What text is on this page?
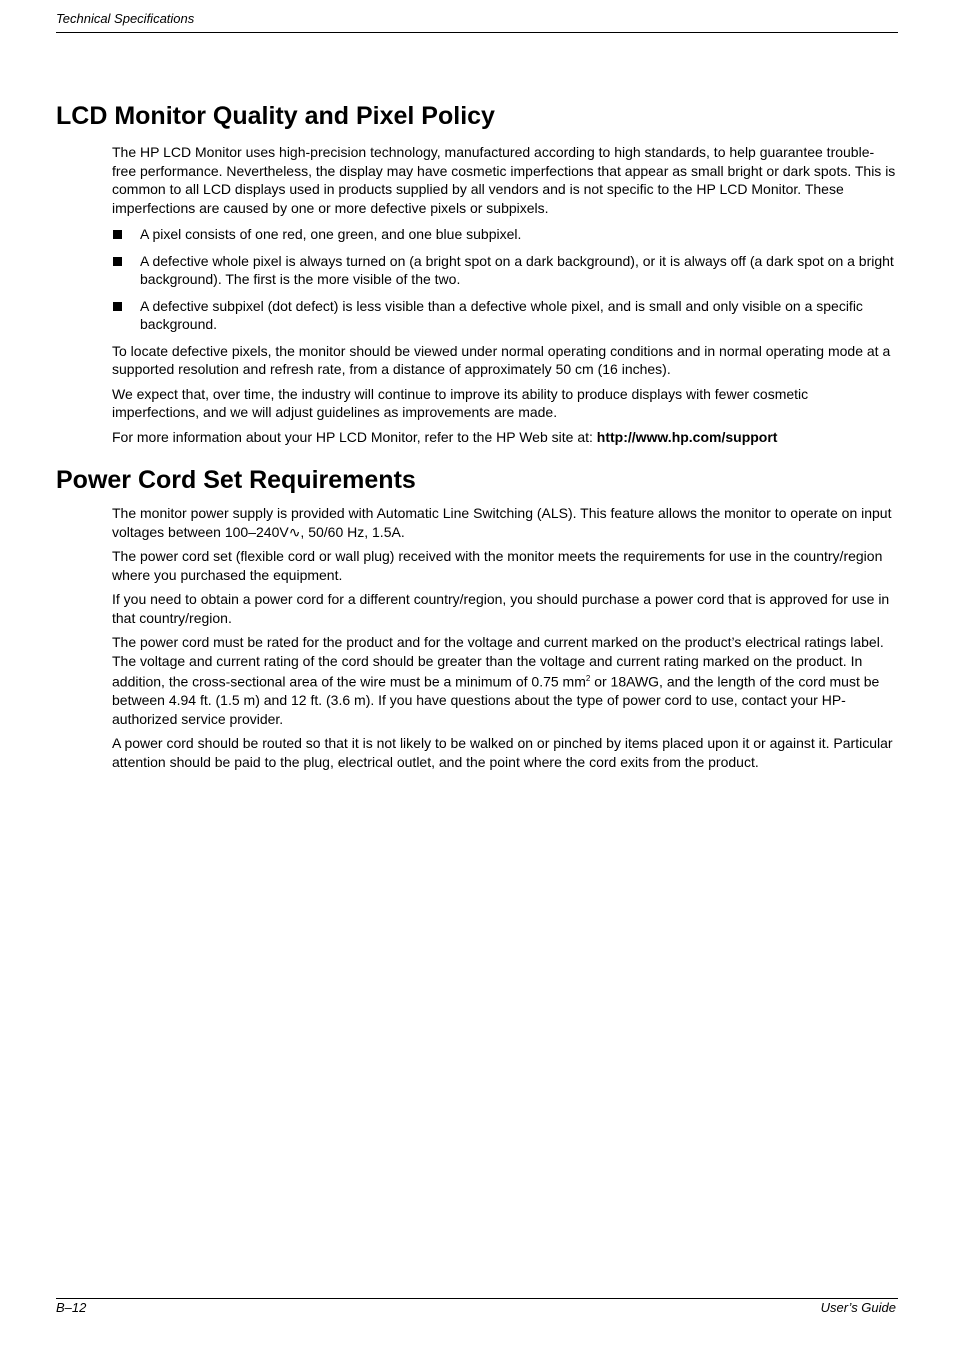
Technical Specifications
LCD Monitor Quality and Pixel Policy

The HP LCD Monitor uses high-precision technology, manufactured according to high standards, to help guarantee trouble-free performance. Nevertheless, the display may have cosmetic imperfections that appear as small bright or dark spots. This is common to all LCD displays used in products supplied by all vendors and is not specific to the HP LCD Monitor. These imperfections are caused by one or more defective pixels or subpixels.

A pixel consists of one red, one green, and one blue subpixel.
A defective whole pixel is always turned on (a bright spot on a dark background), or it is always off (a dark spot on a bright background). The first is the more visible of the two.
A defective subpixel (dot defect) is less visible than a defective whole pixel, and is small and only visible on a specific background.

To locate defective pixels, the monitor should be viewed under normal operating conditions and in normal operating mode at a supported resolution and refresh rate, from a distance of approximately 50 cm (16 inches).

We expect that, over time, the industry will continue to improve its ability to produce displays with fewer cosmetic imperfections, and we will adjust guidelines as improvements are made.

For more information about your HP LCD Monitor, refer to the HP Web site at: http://www.hp.com/support

Power Cord Set Requirements

The monitor power supply is provided with Automatic Line Switching (ALS). This feature allows the monitor to operate on input voltages between 100–240V∿, 50/60 Hz, 1.5A.

The power cord set (flexible cord or wall plug) received with the monitor meets the requirements for use in the country/region where you purchased the equipment.

If you need to obtain a power cord for a different country/region, you should purchase a power cord that is approved for use in that country/region.

The power cord must be rated for the product and for the voltage and current marked on the product’s electrical ratings label. The voltage and current rating of the cord should be greater than the voltage and current rating marked on the product. In addition, the cross-sectional area of the wire must be a minimum of 0.75 $mm^2$ or 18AWG, and the length of the cord must be between 4.94 ft. (1.5 m) and 12 ft. (3.6 m). If you have questions about the type of power cord to use, contact your HP-authorized service provider.

A power cord should be routed so that it is not likely to be walked on or pinched by items placed upon it or against it. Particular attention should be paid to the plug, electrical outlet, and the point where the cord exits from the product.

B–12	User’s Guide
